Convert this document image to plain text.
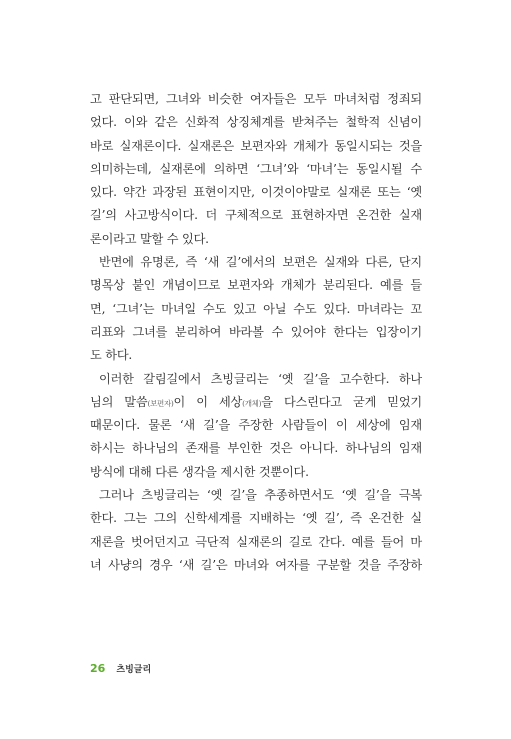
고 판단되면, 그녀와 비슷한 여자들은 모두 마녀처럼 정죄되
었다. 이와 같은 신화적 상징체계를 받쳐주는 철학적 신념이
바로 실재론이다. 실재론은 보편자와 개체가 동일시되는 것을
의미하는데, 실재론에 의하면 ‘그녀’와 ‘마녀’는 동일시될 수
있다. 약간 과장된 표현이지만, 이것이야말로 실재론 또는 ‘옛
길’의 사고방식이다. 더 구체적으로 표현하자면 온건한 실재
론이라고 말할 수 있다.
반면에 유명론, 즉 ‘새 길’에서의 보편은 실재와 다른, 단지
명목상 붙인 개념이므로 보편자와 개체가 분리된다. 예를 들
면, ‘그녀’는 마녀일 수도 있고 아닐 수도 있다. 마녀라는 꼬
리표와 그녀를 분리하여 바라볼 수 있어야 한다는 입장이기
도 하다.
이러한 갈림길에서 츠빙글리는 ‘옛 길’을 고수한다. 하나
님의 말씀(보편자)이 이 세상(개체)을 다스린다고 굳게 믿었기
때문이다. 물론 ‘새 길’을 주장한 사람들이 이 세상에 임재
하시는 하나님의 존재를 부인한 것은 아니다. 하나님의 임재
방식에 대해 다른 생각을 제시한 것뿐이다.
그러나 츠빙글리는 ‘옛 길’을 추종하면서도 ‘옛 길’을 극복
한다. 그는 그의 신학세계를 지배하는 ‘옛 길’, 즉 온건한 실
재론을 벗어던지고 극단적 실재론의 길로 간다. 예를 들어 마
녀 사냥의 경우 ‘새 길’은 마녀와 여자를 구분할 것을 주장하
26 츠빙글리
